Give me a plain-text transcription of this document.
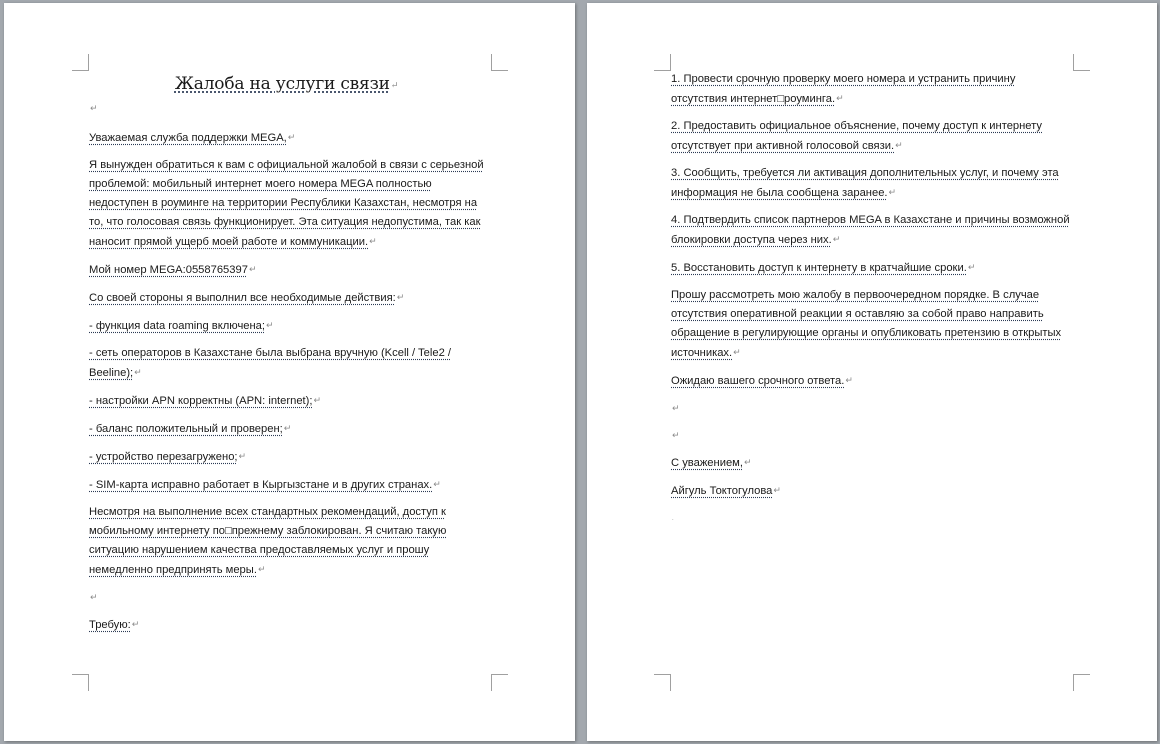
Жалоба на услуги связи↵
↵

Уважаемая служба поддержки MEGA,↵

Я вынужден обратиться к вам с официальной жалобой в связи с серьезной проблемой: мобильный интернет моего номера MEGA полностью недоступен в роуминге на территории Республики Казахстан, несмотря на то, что голосовая связь функционирует. Эта ситуация недопустима, так как наносит прямой ущерб моей работе и коммуникации.↵

Мой номер MEGA:0558765397↵

Со своей стороны я выполнил все необходимые действия:↵

- функция data roaming включена;↵

- сеть операторов в Казахстане была выбрана вручную (Kcell / Tele2 / Beeline);↵

- настройки APN корректны (APN: internet);↵

- баланс положительный и проверен;↵

- устройство перезагружено;↵

- SIM-карта исправно работает в Кыргызстане и в других странах.↵

Несмотря на выполнение всех стандартных рекомендаций, доступ к мобильному интернету по□прежнему заблокирован. Я считаю такую ситуацию нарушением качества предоставляемых услуг и прошу немедленно предпринять меры.↵

↵

Требую:↵

1. Провести срочную проверку моего номера и устранить причину отсутствия интернет□роуминга.↵

2. Предоставить официальное объяснение, почему доступ к интернету отсутствует при активной голосовой связи.↵

3. Сообщить, требуется ли активация дополнительных услуг, и почему эта информация не была сообщена заранее.↵

4. Подтвердить список партнеров MEGA в Казахстане и причины возможной блокировки доступа через них.↵

5. Восстановить доступ к интернету в кратчайшие сроки.↵

Прошу рассмотреть мою жалобу в первоочередном порядке. В случае отсутствия оперативной реакции я оставляю за собой право направить обращение в регулирующие органы и опубликовать претензию в открытых источниках.↵

Ожидаю вашего срочного ответа.↵

↵
↵

С уважением,↵

Айгуль Токтогулова↵

.
